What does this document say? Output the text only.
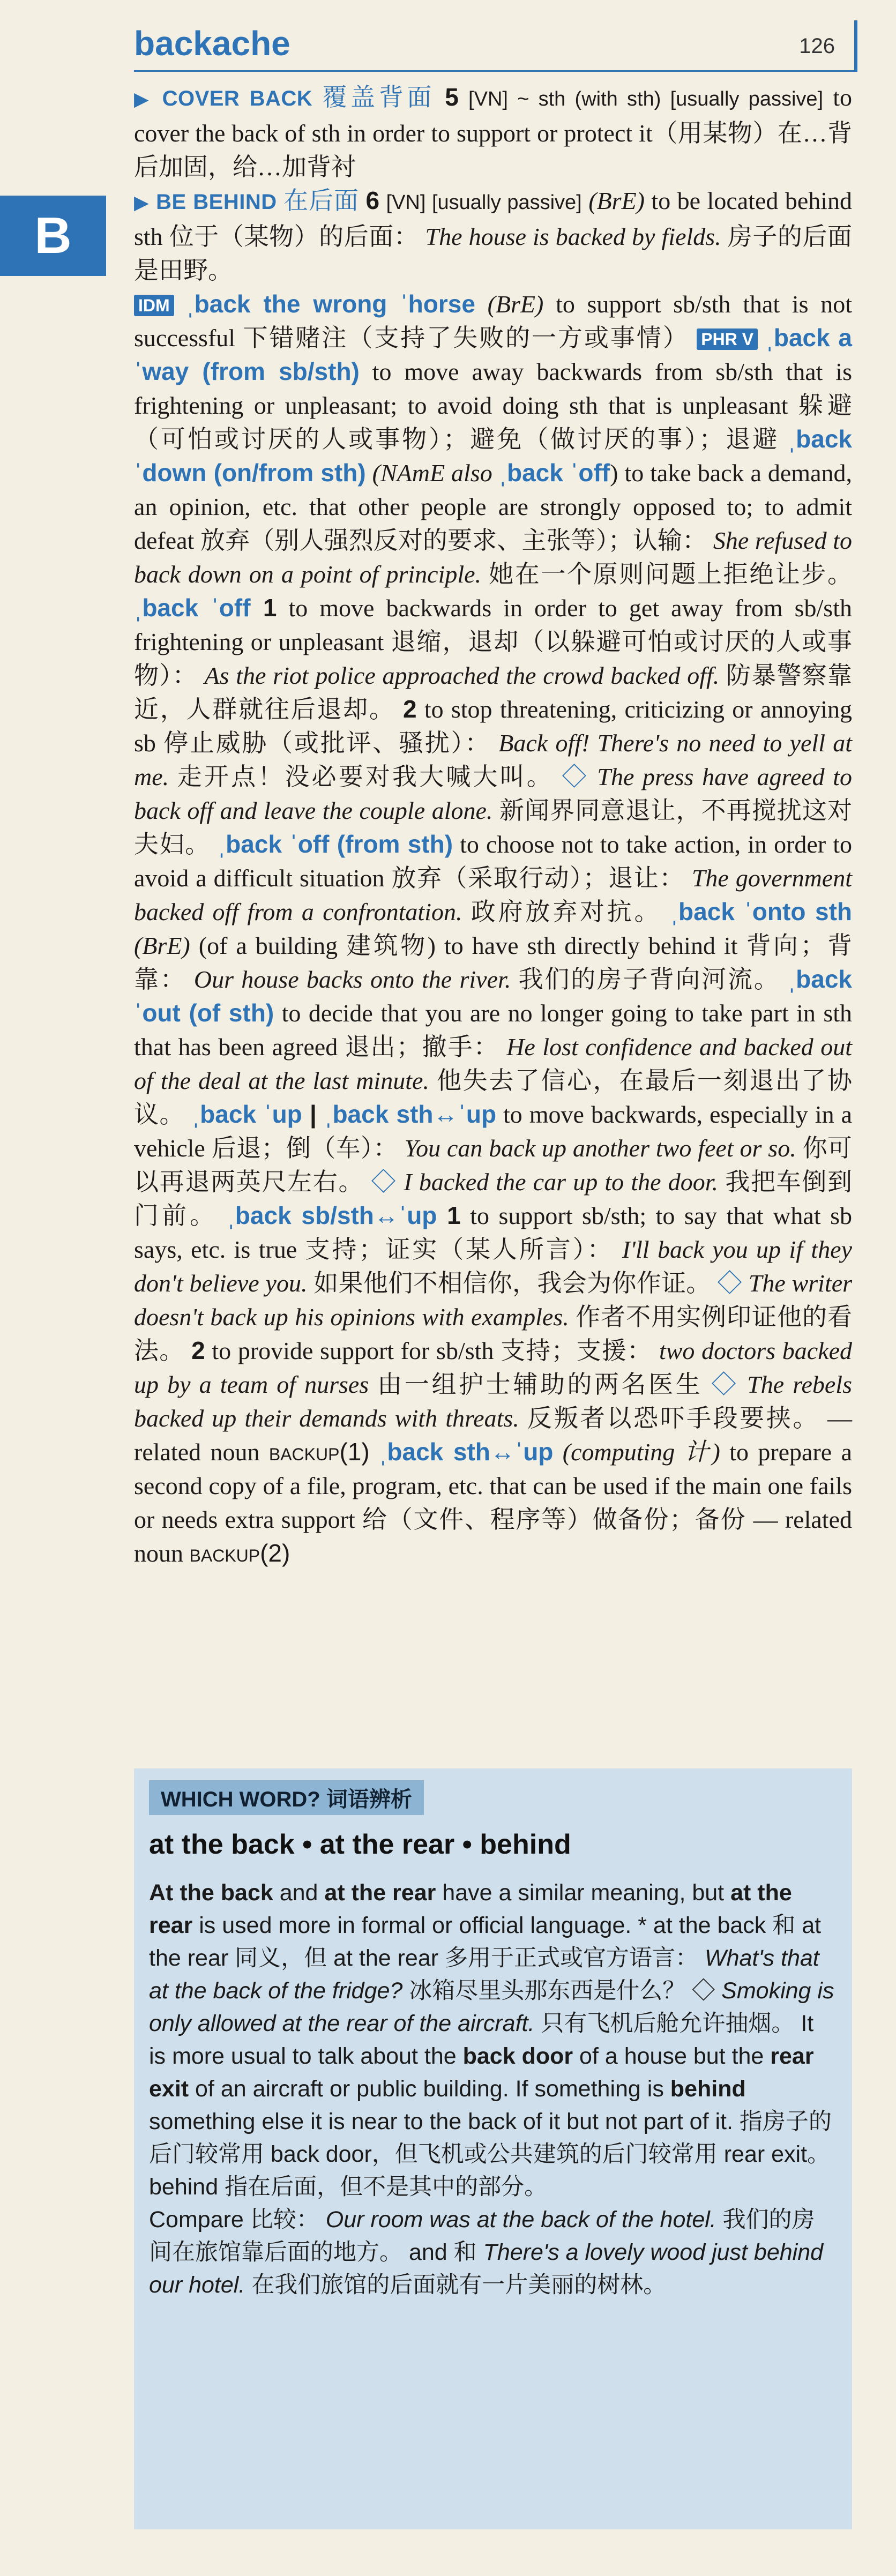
backache	126
B

▶ COVER BACK 覆盖背面 5 [VN] ~ sth (with sth) [usually passive] to cover the back of sth in order to support or protect it（用某物）在…背后加固，给…加背衬
▶ BE BEHIND 在后面 6 [VN] [usually passive] (BrE) to be located behind sth 位于（某物）的后面： The house is backed by fields. 房子的后面是田野。
IDM ˌback the wrong ˈhorse (BrE) to support sb/sth that is not successful 下错赌注（支持了失败的一方或事情） PHR V ˌback aˈway (from sb/sth) to move away backwards from sb/sth that is frightening or unpleasant; to avoid doing sth that is unpleasant 躲避（可怕或讨厌的人或事物）；避免（做讨厌的事）；退避 ˌback ˈdown (on/from sth) (NAmE also ˌback ˈoff) to take back a demand, an opinion, etc. that other people are strongly opposed to; to admit defeat 放弃（别人强烈反对的要求、主张等）；认输： She refused to back down on a point of principle. 她在一个原则问题上拒绝让步。 ˌback ˈoff 1 to move backwards in order to get away from sb/sth frightening or unpleasant 退缩，退却（以躲避可怕或讨厌的人或事物）： As the riot police approached the crowd backed off. 防暴警察靠近，人群就往后退却。 2 to stop threatening, criticizing or annoying sb 停止威胁（或批评、骚扰）： Back off! There's no need to yell at me. 走开点！没必要对我大喊大叫。 ◇ The press have agreed to back off and leave the couple alone. 新闻界同意退让，不再搅扰这对夫妇。 ˌback ˈoff (from sth) to choose not to take action, in order to avoid a difficult situation 放弃（采取行动）；退让： The government backed off from a confrontation. 政府放弃对抗。 ˌback ˈonto sth (BrE) (of a building 建筑物) to have sth directly behind it 背向；背靠： Our house backs onto the river. 我们的房子背向河流。 ˌback ˈout (of sth) to decide that you are no longer going to take part in sth that has been agreed 退出；撤手： He lost confidence and backed out of the deal at the last minute. 他失去了信心，在最后一刻退出了协议。 ˌback ˈup | ˌback sth↔ˈup to move backwards, especially in a vehicle 后退；倒（车）： You can back up another two feet or so. 你可以再退两英尺左右。 ◇ I backed the car up to the door. 我把车倒到门前。 ˌback sb/sth↔ˈup 1 to support sb/sth; to say that what sb says, etc. is true 支持；证实（某人所言）： I'll back you up if they don't believe you. 如果他们不相信你，我会为你作证。 ◇ The writer doesn't back up his opinions with examples. 作者不用实例印证他的看法。 2 to provide support for sb/sth 支持；支援： two doctors backed up by a team of nurses 由一组护士辅助的两名医生 ◇ The rebels backed up their demands with threats. 反叛者以恐吓手段要挟。 — related noun backup(1) ˌback sth↔ˈup (computing 计) to prepare a second copy of a file, program, etc. that can be used if the main one fails or needs extra support 给（文件、程序等）做备份；备份 — related noun backup(2)

WHICH WORD? 词语辨析
at the back • at the rear • behind

At the back and at the rear have a similar meaning, but at the rear is used more in formal or official language. * at the back 和 at the rear 同义，但 at the rear 多用于正式或官方语言： What's that at the back of the fridge? 冰箱尽里头那东西是什么？ ◇ Smoking is only allowed at the rear of the aircraft. 只有飞机后舱允许抽烟。 It is more usual to talk about the back door of a house but the rear exit of an aircraft or public building. If something is behind something else it is near to the back of it but not part of it. 指房子的后门较常用 back door，但飞机或公共建筑的后门较常用 rear exit。behind 指在后面，但不是其中的部分。

Compare 比较： Our room was at the back of the hotel. 我们的房间在旅馆靠后面的地方。 and 和 There's a lovely wood just behind our hotel. 在我们旅馆的后面就有一片美丽的树林。
